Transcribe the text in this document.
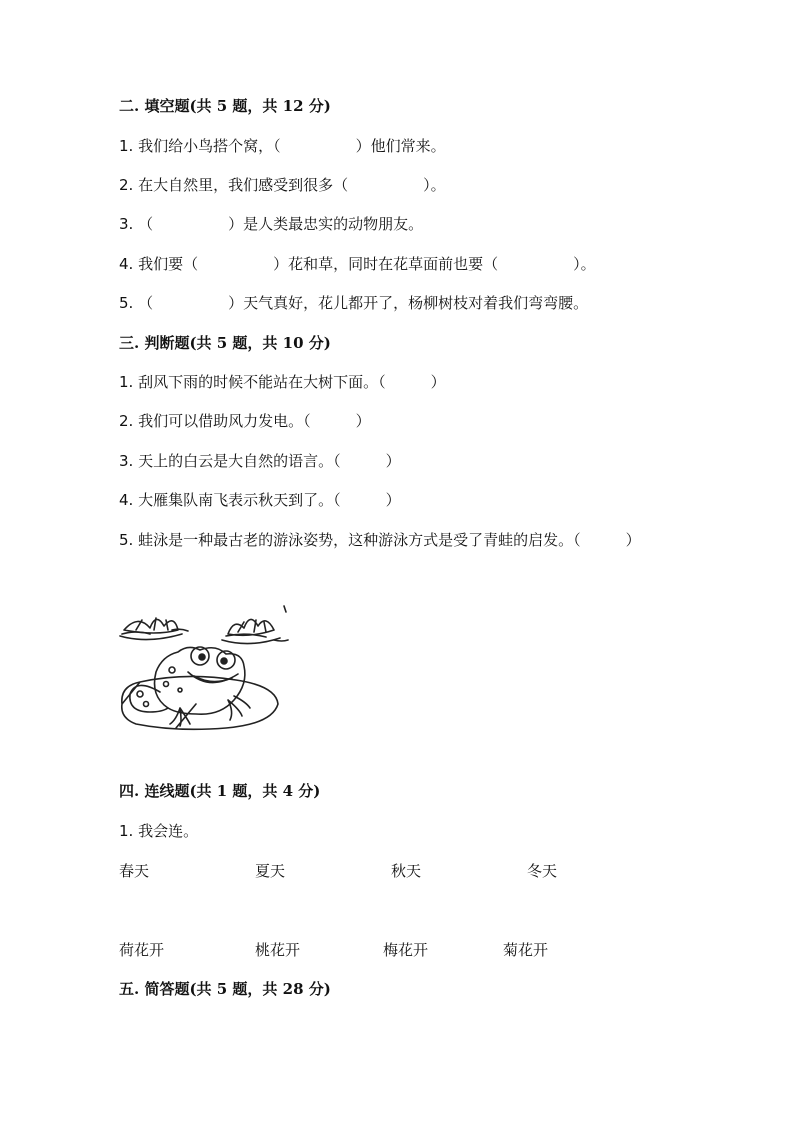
二. 填空题(共 5 题，共 12 分)
1. 我们给小鸟搭个窝，（　　　　　）他们常来。
2. 在大自然里，我们感受到很多（　　　　　）。
3. （　　　　　）是人类最忠实的动物朋友。
4. 我们要（　　　　　）花和草，同时在花草面前也要（　　　　　）。
5. （　　　　　）天气真好，花儿都开了，杨柳树枝对着我们弯弯腰。
三. 判断题(共 5 题，共 10 分)
1. 刮风下雨的时候不能站在大树下面。（　　　）
2. 我们可以借助风力发电。（　　　）
3. 天上的白云是大自然的语言。（　　　）
4. 大雁集队南飞表示秋天到了。（　　　）
5. 蛙泳是一种最古老的游泳姿势，这种游泳方式是受了青蛙的启发。（　　　）
四. 连线题(共 1 题，共 4 分)
1. 我会连。
春天	夏天	秋天	冬天
荷花开	桃花开	梅花开	菊花开
五. 简答题(共 5 题，共 28 分)
